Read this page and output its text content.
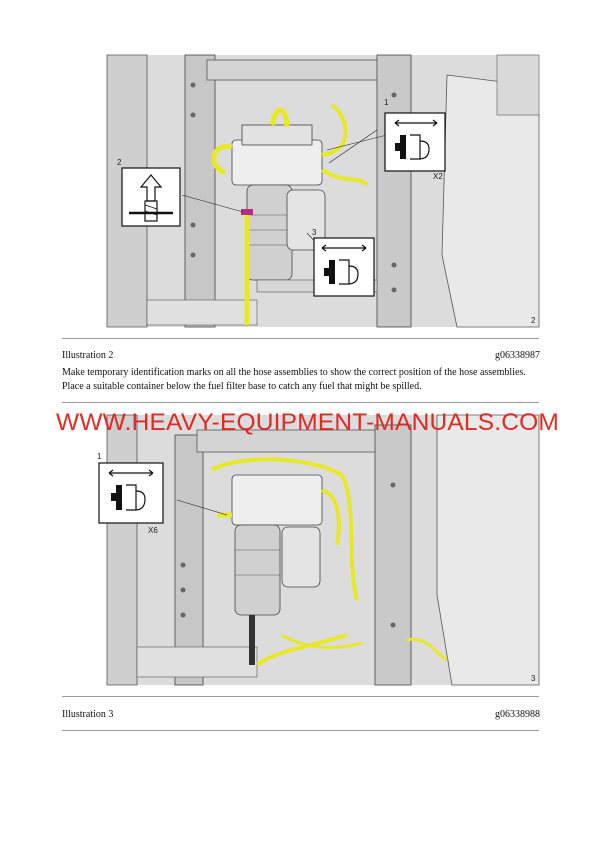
1
2
3
X2
2
Illustration 2	g06338987
Make temporary identification marks on all the hose assemblies to show the correct position of the hose assemblies.
Place a suitable container below the fuel filter base to catch any fuel that might be spilled.
1
X6
3
WWW.HEAVY-EQUIPMENT-MANUALS.COM
Illustration 3	g06338988
